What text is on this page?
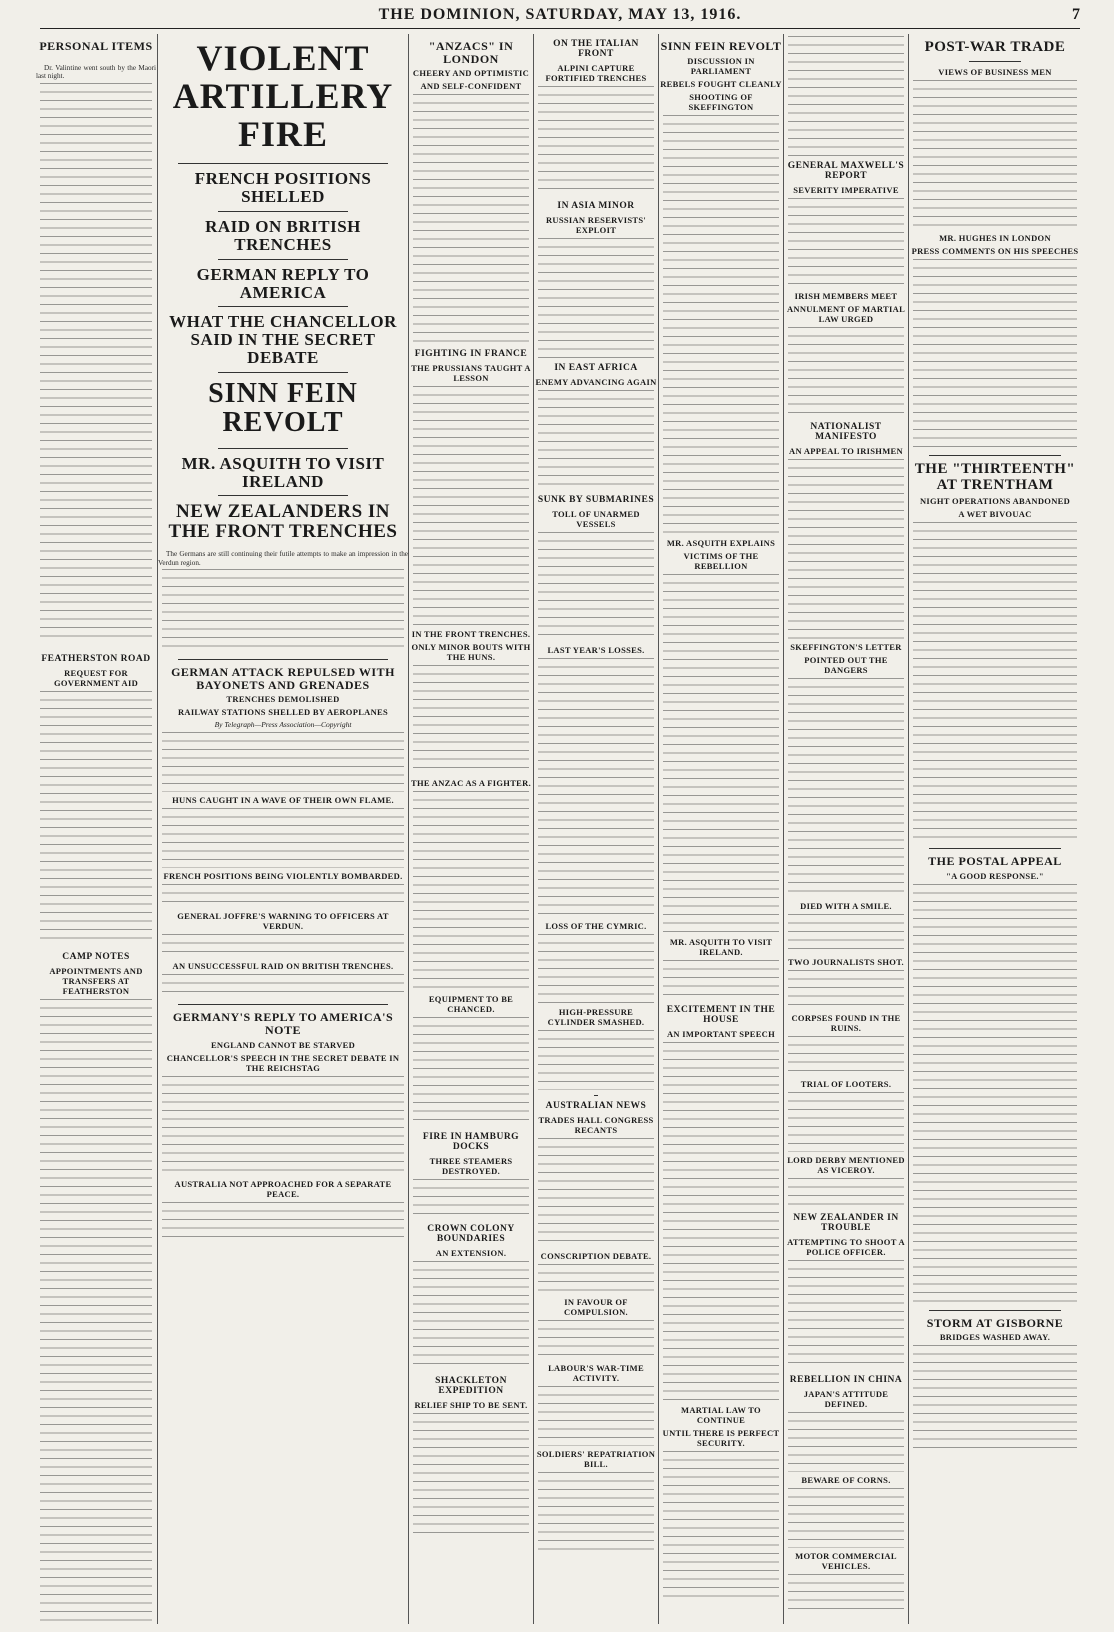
THE DOMINION, SATURDAY, MAY 13, 1916.	7
PERSONAL ITEMS
Dr. Valintine went south by the Maori last night.
FEATHERSTON ROAD
REQUEST FOR GOVERNMENT AID
CAMP NOTES
APPOINTMENTS AND TRANSFERS AT FEATHERSTON
VIOLENT ARTILLERY FIRE
FRENCH POSITIONS SHELLED
RAID ON BRITISH TRENCHES
GERMAN REPLY TO AMERICA
WHAT THE CHANCELLOR SAID IN THE SECRET DEBATE
SINN FEIN REVOLT
MR. ASQUITH TO VISIT IRELAND
NEW ZEALANDERS IN THE FRONT TRENCHES
The Germans are still continuing their futile attempts to make an impression in the Verdun region.
GERMAN ATTACK REPULSED WITH BAYONETS AND GRENADES
TRENCHES DEMOLISHED
RAILWAY STATIONS SHELLED BY AEROPLANES
By Telegraph—Press Association—Copyright
HUNS CAUGHT IN A WAVE OF THEIR OWN FLAME.
FRENCH POSITIONS BEING VIOLENTLY BOMBARDED.
GENERAL JOFFRE'S WARNING TO OFFICERS AT VERDUN.
AN UNSUCCESSFUL RAID ON BRITISH TRENCHES.
GERMANY'S REPLY TO AMERICA'S NOTE
ENGLAND CANNOT BE STARVED
CHANCELLOR'S SPEECH IN THE SECRET DEBATE IN THE REICHSTAG
AUSTRALIA NOT APPROACHED FOR A SEPARATE PEACE.
"ANZACS" IN LONDON
CHEERY AND OPTIMISTIC
AND SELF-CONFIDENT
FIGHTING IN FRANCE
THE PRUSSIANS TAUGHT A LESSON
IN THE FRONT TRENCHES.
ONLY MINOR BOUTS WITH THE HUNS.
THE ANZAC AS A FIGHTER.
EQUIPMENT TO BE CHANCED.
FIRE IN HAMBURG DOCKS
THREE STEAMERS DESTROYED.
CROWN COLONY BOUNDARIES
AN EXTENSION.
SHACKLETON EXPEDITION
RELIEF SHIP TO BE SENT.
ON THE ITALIAN FRONT
ALPINI CAPTURE FORTIFIED TRENCHES
IN ASIA MINOR
RUSSIAN RESERVISTS' EXPLOIT
IN EAST AFRICA
ENEMY ADVANCING AGAIN
SUNK BY SUBMARINES
TOLL OF UNARMED VESSELS
LAST YEAR'S LOSSES.
LOSS OF THE CYMRIC.
HIGH-PRESSURE CYLINDER SMASHED.
AUSTRALIAN NEWS
TRADES HALL CONGRESS RECANTS
CONSCRIPTION DEBATE.
IN FAVOUR OF COMPULSION.
LABOUR'S WAR-TIME ACTIVITY.
SOLDIERS' REPATRIATION BILL.
SINN FEIN REVOLT
DISCUSSION IN PARLIAMENT
REBELS FOUGHT CLEANLY
SHOOTING OF SKEFFINGTON
MR. ASQUITH EXPLAINS
VICTIMS OF THE REBELLION
MR. ASQUITH TO VISIT IRELAND.
EXCITEMENT IN THE HOUSE
AN IMPORTANT SPEECH
MARTIAL LAW TO CONTINUE
UNTIL THERE IS PERFECT SECURITY.
GENERAL MAXWELL'S REPORT
SEVERITY IMPERATIVE
IRISH MEMBERS MEET
ANNULMENT OF MARTIAL LAW URGED
NATIONALIST MANIFESTO
AN APPEAL TO IRISHMEN
SKEFFINGTON'S LETTER
POINTED OUT THE DANGERS
DIED WITH A SMILE.
TWO JOURNALISTS SHOT.
CORPSES FOUND IN THE RUINS.
TRIAL OF LOOTERS.
LORD DERBY MENTIONED AS VICEROY.
NEW ZEALANDER IN TROUBLE
ATTEMPTING TO SHOOT A POLICE OFFICER.
REBELLION IN CHINA
JAPAN'S ATTITUDE DEFINED.
BEWARE OF CORNS.
MOTOR COMMERCIAL VEHICLES.
POST-WAR TRADE
VIEWS OF BUSINESS MEN
MR. HUGHES IN LONDON
PRESS COMMENTS ON HIS SPEECHES
THE "THIRTEENTH" AT TRENTHAM
NIGHT OPERATIONS ABANDONED
A WET BIVOUAC
THE POSTAL APPEAL
"A GOOD RESPONSE."
STORM AT GISBORNE
BRIDGES WASHED AWAY.
